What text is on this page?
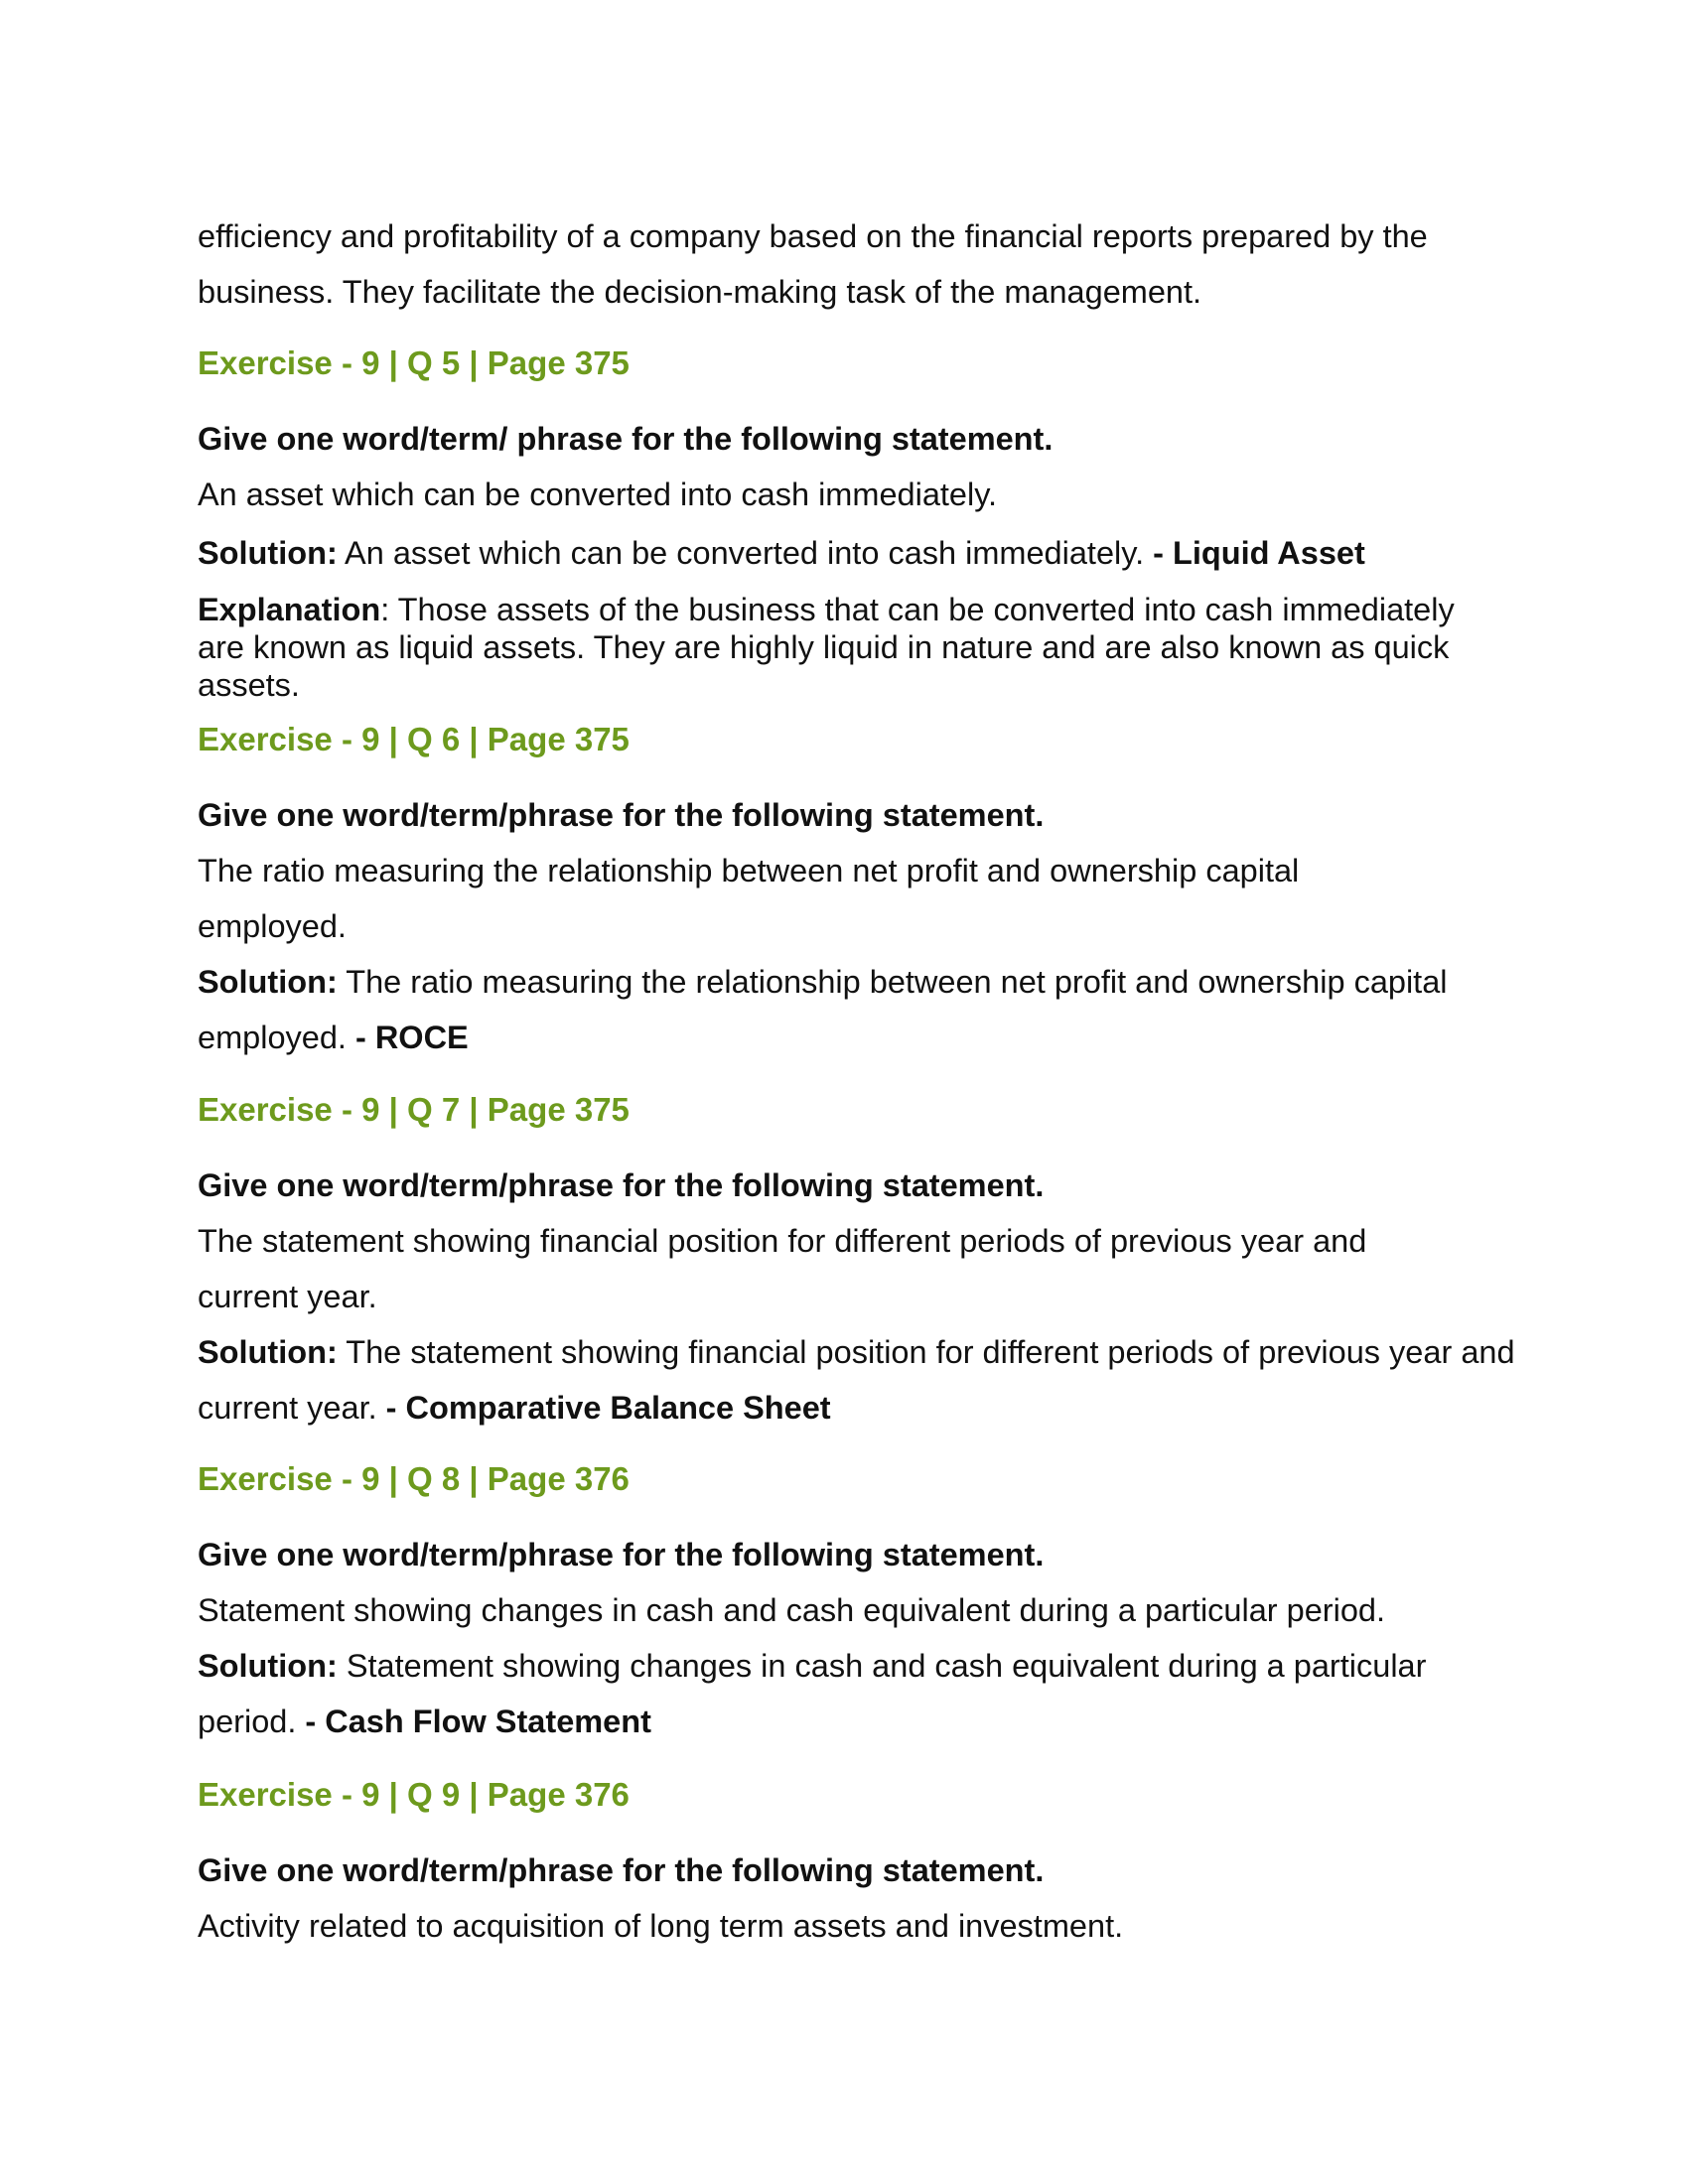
efficiency and profitability of a company based on the financial reports prepared by the

business. They facilitate the decision-making task of the management.

Exercise - 9 | Q 5 | Page 375

Give one word/term/ phrase for the following statement.

An asset which can be converted into cash immediately.

Solution: An asset which can be converted into cash immediately. - Liquid Asset

Explanation: Those assets of the business that can be converted into cash immediately are known as liquid assets. They are highly liquid in nature and are also known as quick assets.

Exercise - 9 | Q 6 | Page 375

Give one word/term/phrase for the following statement.

The ratio measuring the relationship between net profit and ownership capital employed.

Solution: The ratio measuring the relationship between net profit and ownership capital employed. - ROCE

Exercise - 9 | Q 7 | Page 375

Give one word/term/phrase for the following statement.

The statement showing financial position for different periods of previous year and current year.

Solution: The statement showing financial position for different periods of previous year and current year. - Comparative Balance Sheet

Exercise - 9 | Q 8 | Page 376

Give one word/term/phrase for the following statement.

Statement showing changes in cash and cash equivalent during a particular period.

Solution: Statement showing changes in cash and cash equivalent during a particular period. - Cash Flow Statement

Exercise - 9 | Q 9 | Page 376

Give one word/term/phrase for the following statement.

Activity related to acquisition of long term assets and investment.
